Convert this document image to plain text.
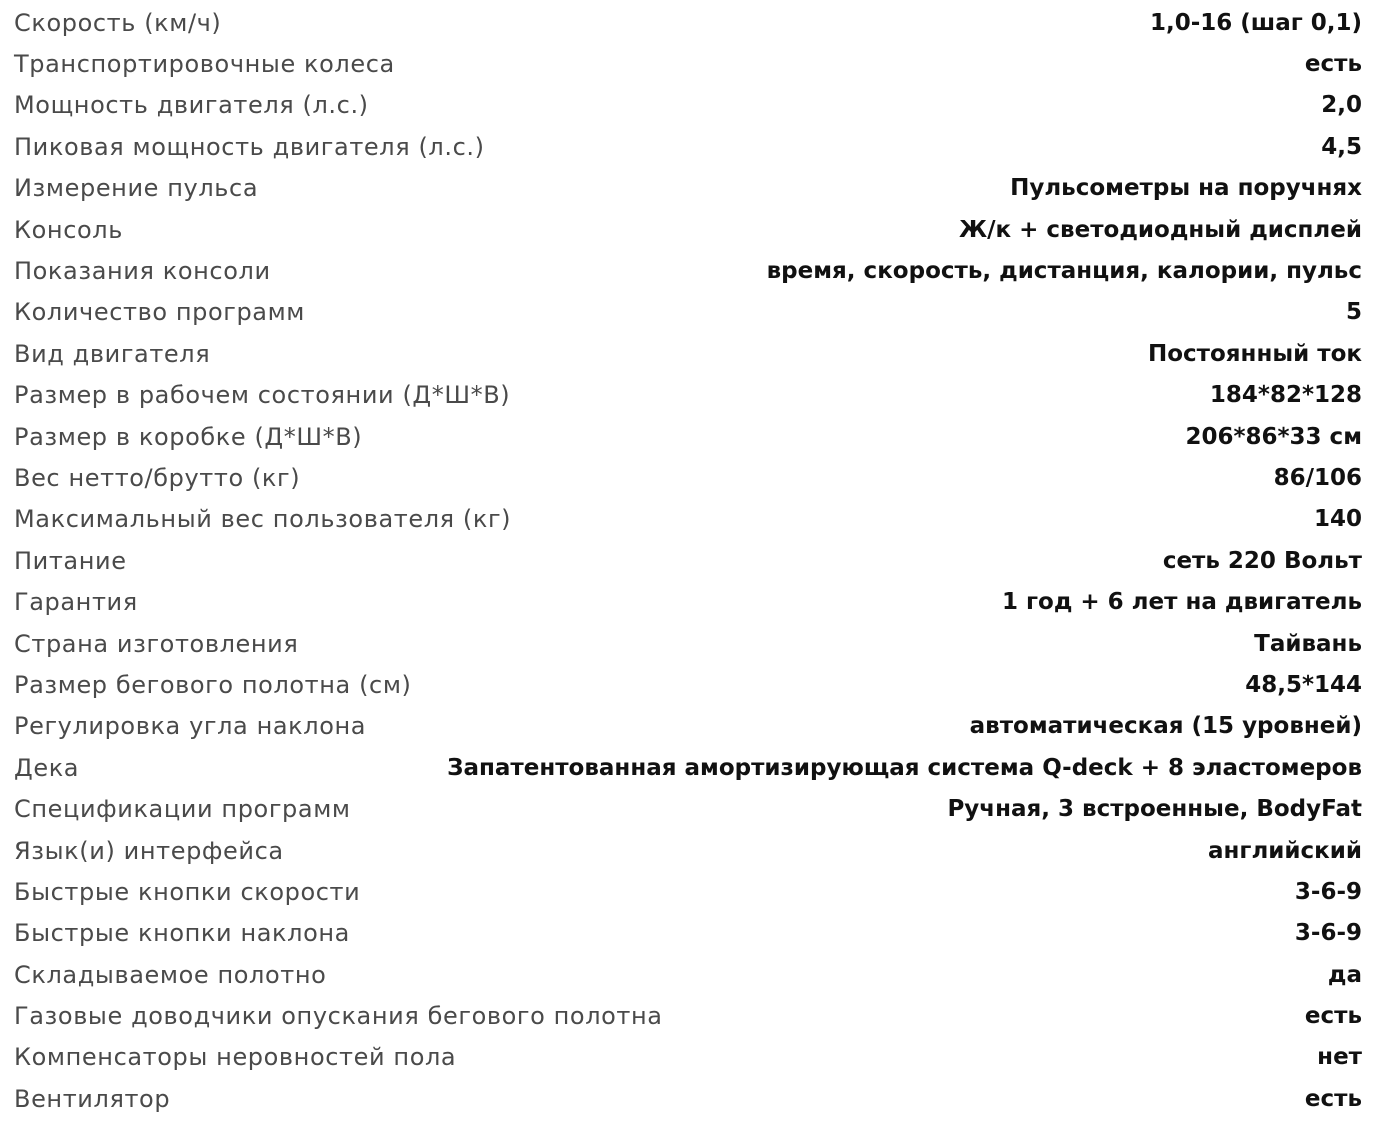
Скорость (км/ч)	1,0-16 (шаг 0,1)
Транспортировочные колеса	есть
Мощность двигателя (л.с.)	2,0
Пиковая мощность двигателя (л.с.)	4,5
Измерение пульса	Пульсометры на поручнях
Консоль	Ж/к + светодиодный дисплей
Показания консоли	время, скорость, дистанция, калории, пульс
Количество программ	5
Вид двигателя	Постоянный ток
Размер в рабочем состоянии (Д*Ш*В)	184*82*128
Размер в коробке (Д*Ш*В)	206*86*33 см
Вес нетто/брутто (кг)	86/106
Максимальный вес пользователя (кг)	140
Питание	сеть 220 Вольт
Гарантия	1 год + 6 лет на двигатель
Страна изготовления	Тайвань
Размер бегового полотна (см)	48,5*144
Регулировка угла наклона	автоматическая (15 уровней)
Дека	Запатентованная амортизирующая система Q-deck + 8 эластомеров
Спецификации программ	Ручная, 3 встроенные, BodyFat
Язык(и) интерфейса	английский
Быстрые кнопки скорости	3-6-9
Быстрые кнопки наклона	3-6-9
Складываемое полотно	да
Газовые доводчики опускания бегового полотна	есть
Компенсаторы неровностей пола	нет
Вентилятор	есть
